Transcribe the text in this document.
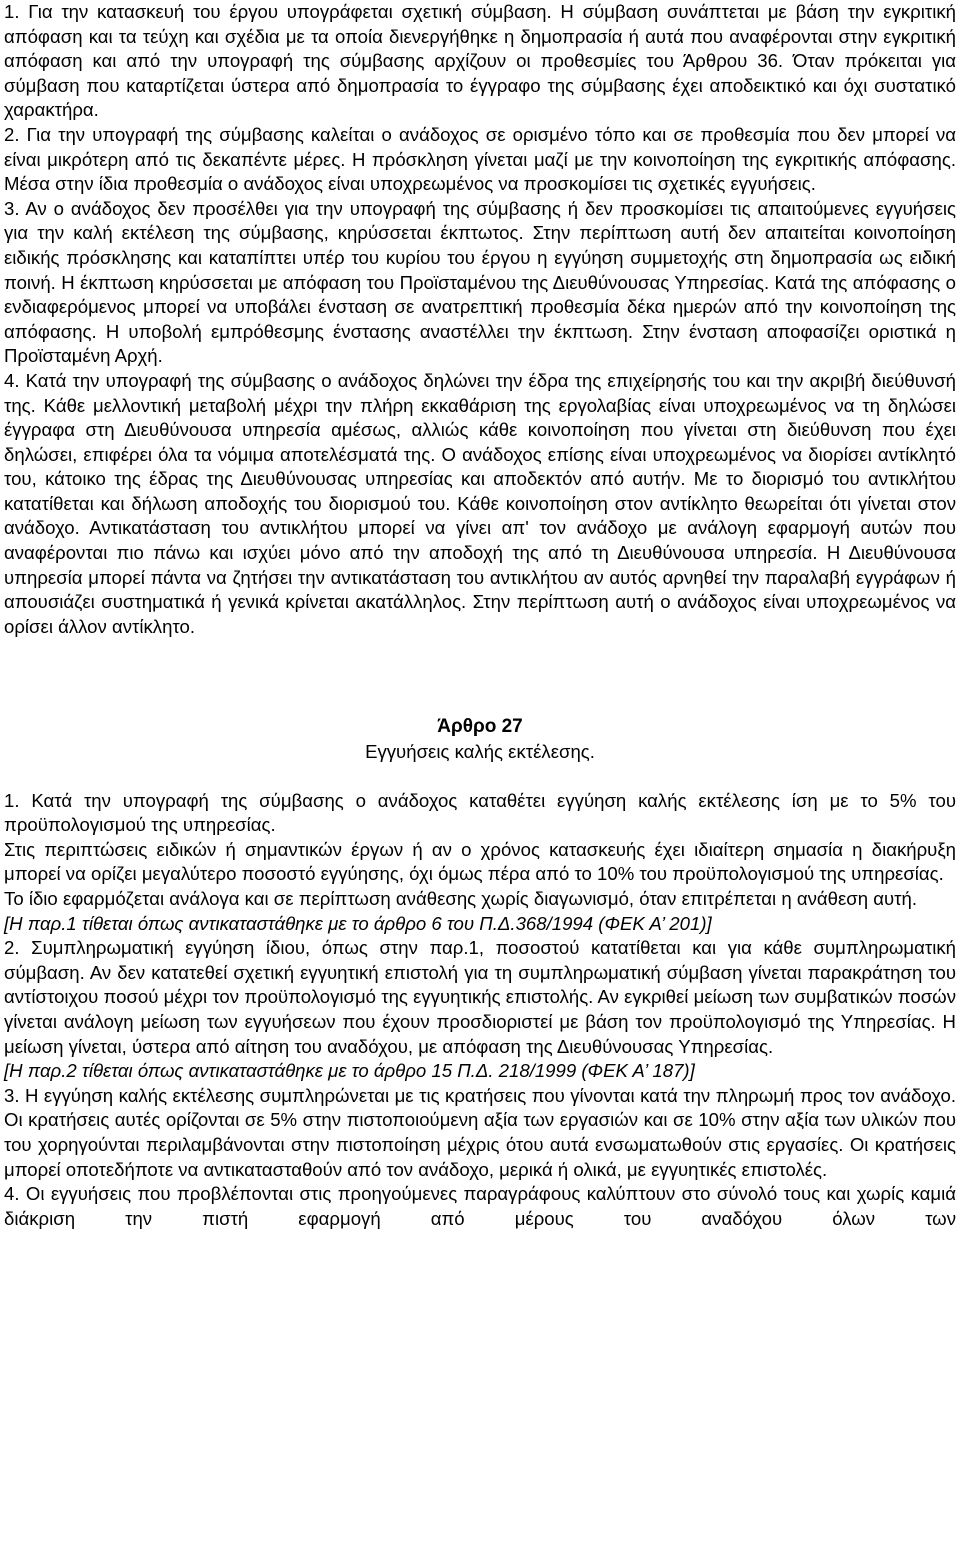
1. Για την κατασκευή του έργου υπογράφεται σχετική σύμβαση. Η σύμβαση συνάπτεται με βάση την εγκριτική απόφαση και τα τεύχη και σχέδια με τα οποία διενεργήθηκε η δημοπρασία ή αυτά που αναφέρονται στην εγκριτική απόφαση και από την υπογραφή της σύμβασης αρχίζουν οι προθεσμίες του Άρθρου 36. Όταν πρόκειται για σύμβαση που καταρτίζεται ύστερα από δημοπρασία το έγγραφο της σύμβασης έχει αποδεικτικό και όχι συστατικό χαρακτήρα.

2. Για την υπογραφή της σύμβασης καλείται ο ανάδοχος σε ορισμένο τόπο και σε προθεσμία που δεν μπορεί να είναι μικρότερη από τις δεκαπέντε μέρες. Η πρόσκληση γίνεται μαζί με την κοινοποίηση της εγκριτικής απόφασης. Μέσα στην ίδια προθεσμία ο ανάδοχος είναι υποχρεωμένος να προσκομίσει τις σχετικές εγγυήσεις.

3. Αν ο ανάδοχος δεν προσέλθει για την υπογραφή της σύμβασης ή δεν προσκομίσει τις απαιτούμενες εγγυήσεις για την καλή εκτέλεση της σύμβασης, κηρύσσεται έκπτωτος. Στην περίπτωση αυτή δεν απαιτείται κοινοποίηση ειδικής πρόσκλησης και καταπίπτει υπέρ του κυρίου του έργου η εγγύηση συμμετοχής στη δημοπρασία ως ειδική ποινή. Η έκπτωση κηρύσσεται με απόφαση του Προϊσταμένου της Διευθύνουσας Υπηρεσίας. Κατά της απόφασης ο ενδιαφερόμενος μπορεί να υποβάλει ένσταση σε ανατρεπτική προθεσμία δέκα ημερών από την κοινοποίηση της απόφασης. Η υποβολή εμπρόθεσμης ένστασης αναστέλλει την έκπτωση. Στην ένσταση αποφασίζει οριστικά η Προϊσταμένη Αρχή.

4. Κατά την υπογραφή της σύμβασης ο ανάδοχος δηλώνει την έδρα της επιχείρησής του και την ακριβή διεύθυνσή της. Κάθε μελλοντική μεταβολή μέχρι την πλήρη εκκαθάριση της εργολαβίας είναι υποχρεωμένος να τη δηλώσει έγγραφα στη Διευθύνουσα υπηρεσία αμέσως, αλλιώς κάθε κοινοποίηση που γίνεται στη διεύθυνση που έχει δηλώσει, επιφέρει όλα τα νόμιμα αποτελέσματά της. Ο ανάδοχος επίσης είναι υποχρεωμένος να διορίσει αντίκλητό του, κάτοικο της έδρας της Διευθύνουσας υπηρεσίας και αποδεκτόν από αυτήν. Με το διορισμό του αντικλήτου κατατίθεται και δήλωση αποδοχής του διορισμού του. Κάθε κοινοποίηση στον αντίκλητο θεωρείται ότι γίνεται στον ανάδοχο. Αντικατάσταση του αντικλήτου μπορεί να γίνει απ' τον ανάδοχο με ανάλογη εφαρμογή αυτών που αναφέρονται πιο πάνω και ισχύει μόνο από την αποδοχή της από τη Διευθύνουσα υπηρεσία. Η Διευθύνουσα υπηρεσία μπορεί πάντα να ζητήσει την αντικατάσταση του αντικλήτου αν αυτός αρνηθεί την παραλαβή εγγράφων ή απουσιάζει συστηματικά ή γενικά κρίνεται ακατάλληλος. Στην περίπτωση αυτή ο ανάδοχος είναι υποχρεωμένος να ορίσει άλλον αντίκλητο.

Άρθρο 27

Εγγυήσεις καλής εκτέλεσης.

1. Κατά την υπογραφή της σύμβασης ο ανάδοχος καταθέτει εγγύηση καλής εκτέλεσης ίση με το 5% του προϋπολογισμού της υπηρεσίας.

Στις περιπτώσεις ειδικών ή σημαντικών έργων ή αν ο χρόνος κατασκευής έχει ιδιαίτερη σημασία η διακήρυξη μπορεί να ορίζει μεγαλύτερο ποσοστό εγγύησης, όχι όμως πέρα από το 10% του προϋπολογισμού της υπηρεσίας.

Το ίδιο εφαρμόζεται ανάλογα και σε περίπτωση ανάθεσης χωρίς διαγωνισμό, όταν επιτρέπεται η ανάθεση αυτή.

[Η παρ.1 τίθεται όπως αντικαταστάθηκε με το άρθρο 6 του Π.Δ.368/1994 (ΦΕΚ Α’ 201)]

2. Συμπληρωματική εγγύηση ίδιου, όπως στην παρ.1, ποσοστού κατατίθεται και για κάθε συμπληρωματική σύμβαση. Αν δεν κατατεθεί σχετική εγγυητική επιστολή για τη συμπληρωματική σύμβαση γίνεται παρακράτηση του αντίστοιχου ποσού μέχρι τον προϋπολογισμό της εγγυητικής επιστολής. Αν εγκριθεί μείωση των συμβατικών ποσών γίνεται ανάλογη μείωση των εγγυήσεων που έχουν προσδιοριστεί με βάση τον προϋπολογισμό της Υπηρεσίας. Η μείωση γίνεται, ύστερα από αίτηση του αναδόχου, με απόφαση της Διευθύνουσας Υπηρεσίας.

[Η παρ.2 τίθεται όπως αντικαταστάθηκε με το άρθρο 15 Π.Δ. 218/1999 (ΦΕΚ Α’ 187)]

3. Η εγγύηση καλής εκτέλεσης συμπληρώνεται με τις κρατήσεις που γίνονται κατά την πληρωμή προς τον ανάδοχο. Οι κρατήσεις αυτές ορίζονται σε 5% στην πιστοποιούμενη αξία των εργασιών και σε 10% στην αξία των υλικών που του χορηγούνται περιλαμβάνονται στην πιστοποίηση μέχρις ότου αυτά ενσωματωθούν στις εργασίες. Οι κρατήσεις μπορεί οποτεδήποτε να αντικατασταθούν από τον ανάδοχο, μερικά ή ολικά, με εγγυητικές επιστολές.

4. Οι εγγυήσεις που προβλέπονται στις προηγούμενες παραγράφους καλύπτουν στο σύνολό τους και χωρίς καμιά διάκριση την πιστή εφαρμογή από μέρους του αναδόχου όλων των
